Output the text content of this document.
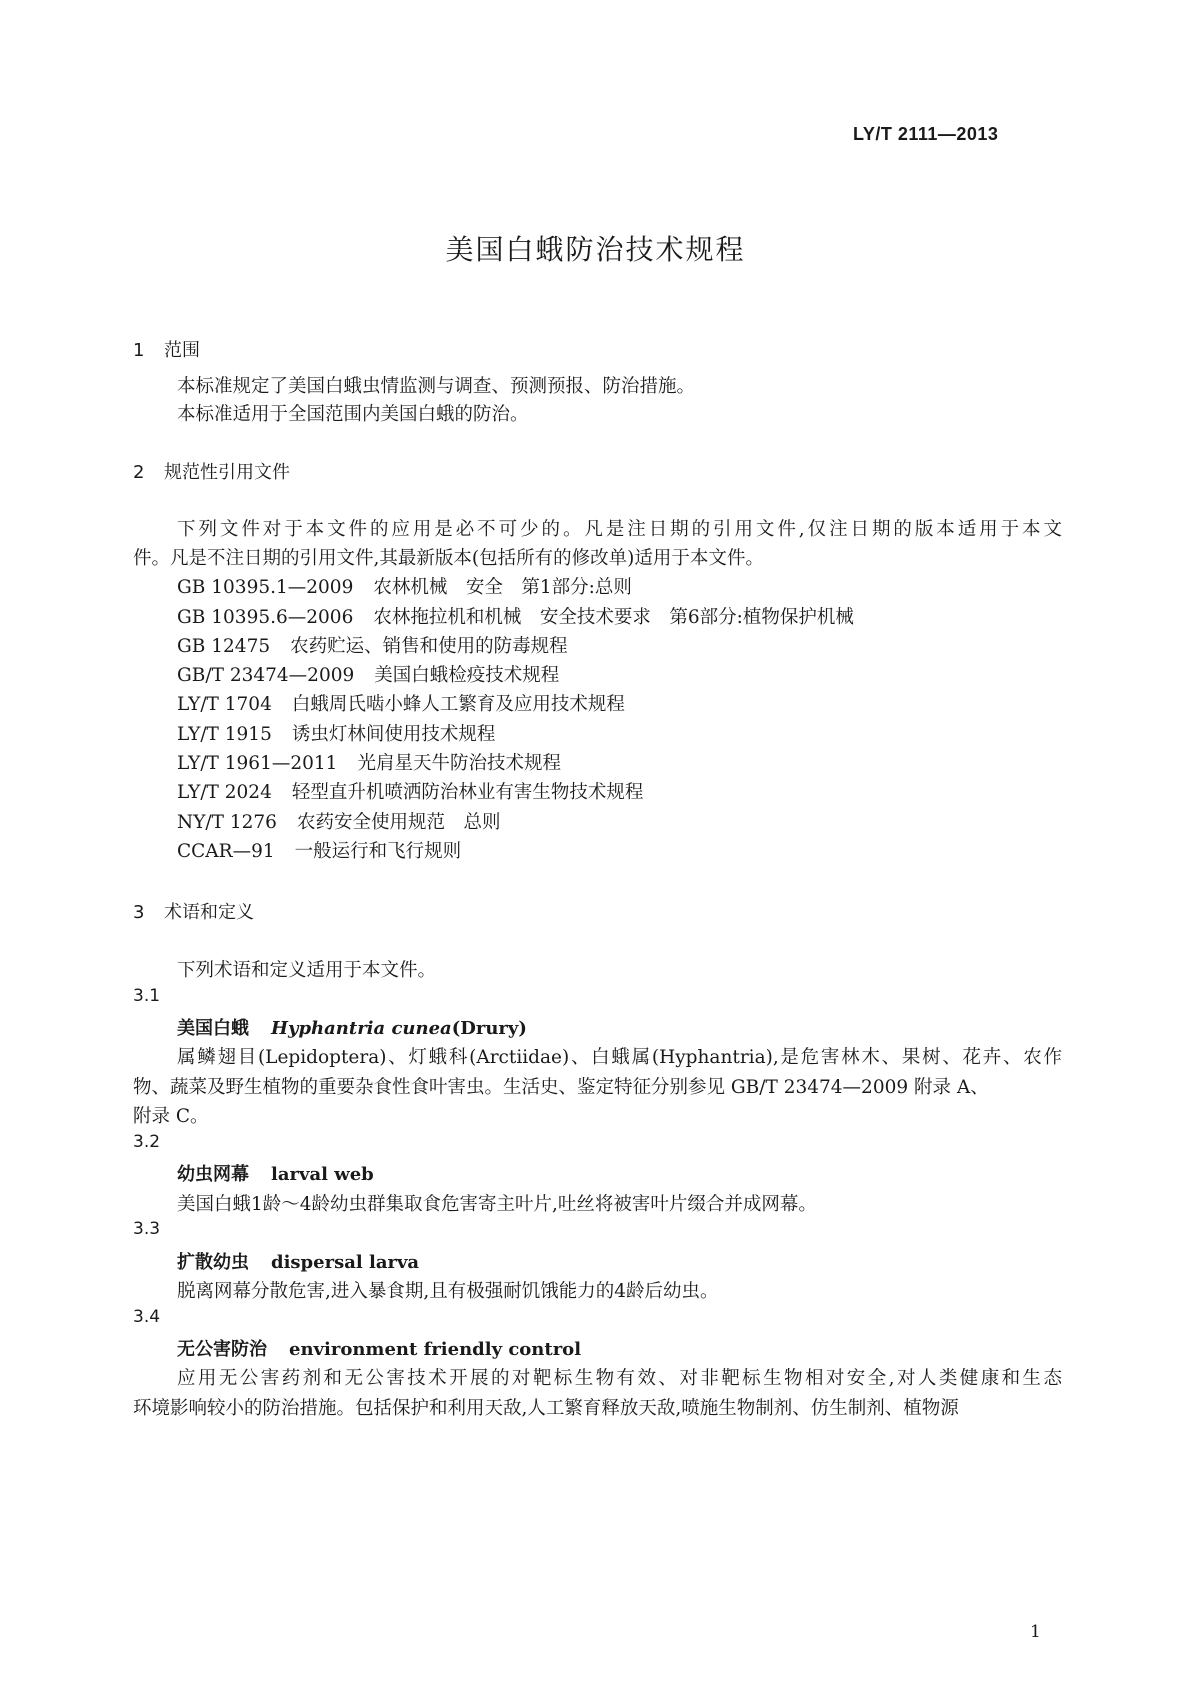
LY/T 2111—2013
美国白蛾防治技术规程
1 范围
本标准规定了美国白蛾虫情监测与调查、预测预报、防治措施。
本标准适用于全国范围内美国白蛾的防治。
2 规范性引用文件
下列文件对于本文件的应用是必不可少的。凡是注日期的引用文件,仅注日期的版本适用于本文
件。凡是不注日期的引用文件,其最新版本(包括所有的修改单)适用于本文件。
GB 10395.1—2009 农林机械　安全　第1部分:总则
GB 10395.6—2006 农林拖拉机和机械　安全技术要求　第6部分:植物保护机械
GB 12475 农药贮运、销售和使用的防毒规程
GB/T 23474—2009 美国白蛾检疫技术规程
LY/T 1704 白蛾周氏啮小蜂人工繁育及应用技术规程
LY/T 1915 诱虫灯林间使用技术规程
LY/T 1961—2011 光肩星天牛防治技术规程
LY/T 2024 轻型直升机喷洒防治林业有害生物技术规程
NY/T 1276 农药安全使用规范　总则
CCAR—91 一般运行和飞行规则
3 术语和定义
下列术语和定义适用于本文件。
3.1
美国白蛾 Hyphantria cunea(Drury)
属鳞翅目(Lepidoptera)、灯蛾科(Arctiidae)、白蛾属(Hyphantria),是危害林木、果树、花卉、农作
物、蔬菜及野生植物的重要杂食性食叶害虫。生活史、鉴定特征分别参见 GB/T 23474—2009 附录 A、
附录 C。
3.2
幼虫网幕 larval web
美国白蛾1龄～4龄幼虫群集取食危害寄主叶片,吐丝将被害叶片缀合并成网幕。
3.3
扩散幼虫 dispersal larva
脱离网幕分散危害,进入暴食期,且有极强耐饥饿能力的4龄后幼虫。
3.4
无公害防治 environment friendly control
应用无公害药剂和无公害技术开展的对靶标生物有效、对非靶标生物相对安全,对人类健康和生态
环境影响较小的防治措施。包括保护和利用天敌,人工繁育释放天敌,喷施生物制剂、仿生制剂、植物源
1
